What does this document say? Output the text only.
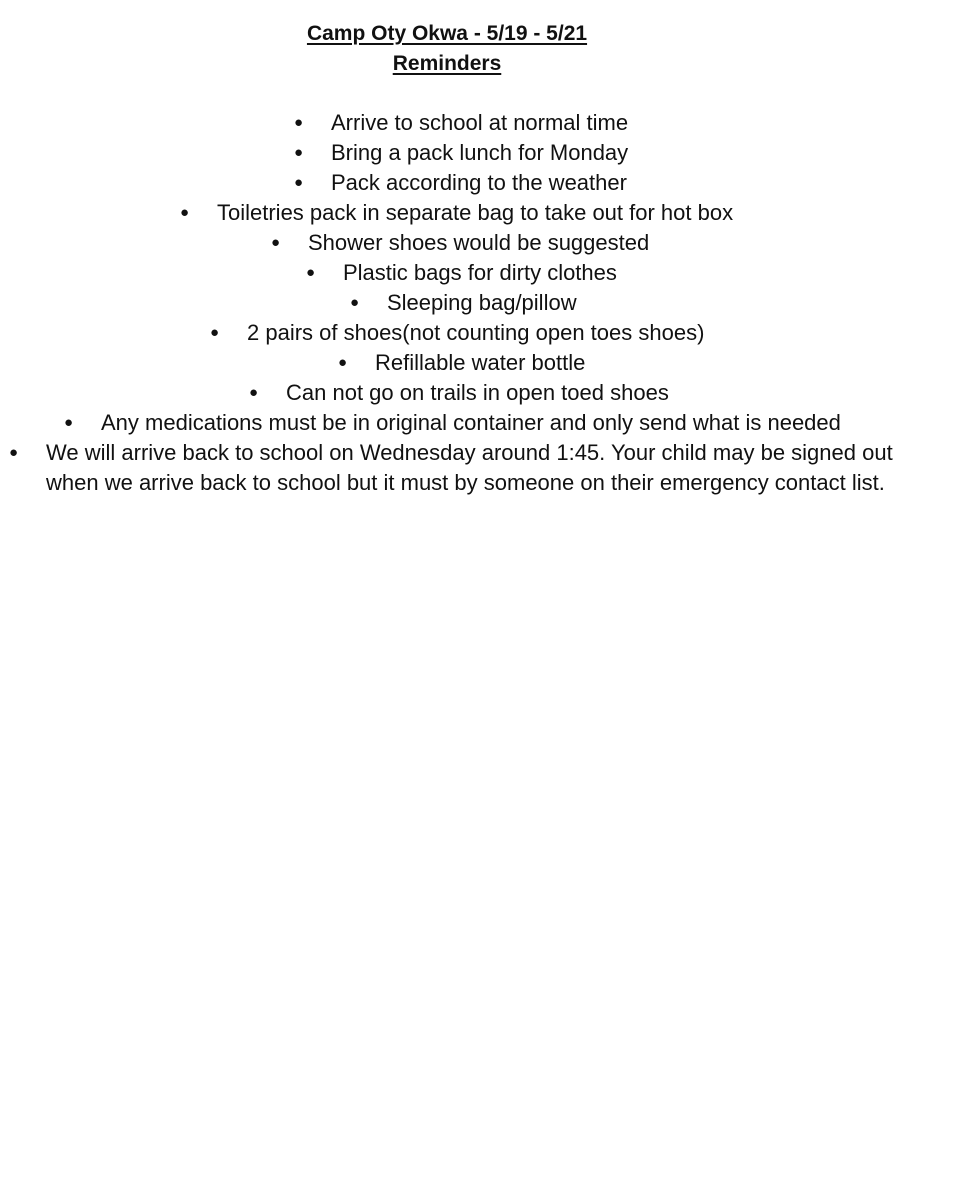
Camp Oty Okwa - 5/19 - 5/21
Reminders
● Arrive to school at normal time
● Bring a pack lunch for Monday
● Pack according to the weather
● Toiletries pack in separate bag to take out for hot box
● Shower shoes would be suggested
● Plastic bags for dirty clothes
● Sleeping bag/pillow
● 2 pairs of shoes(not counting open toes shoes)
● Refillable water bottle
● Can not go on trails in open toed shoes
● Any medications must be in original container and only send what is needed
● We will arrive back to school on Wednesday around 1:45. Your child may be signed out when we arrive back to school but it must by someone on their emergency contact list.
